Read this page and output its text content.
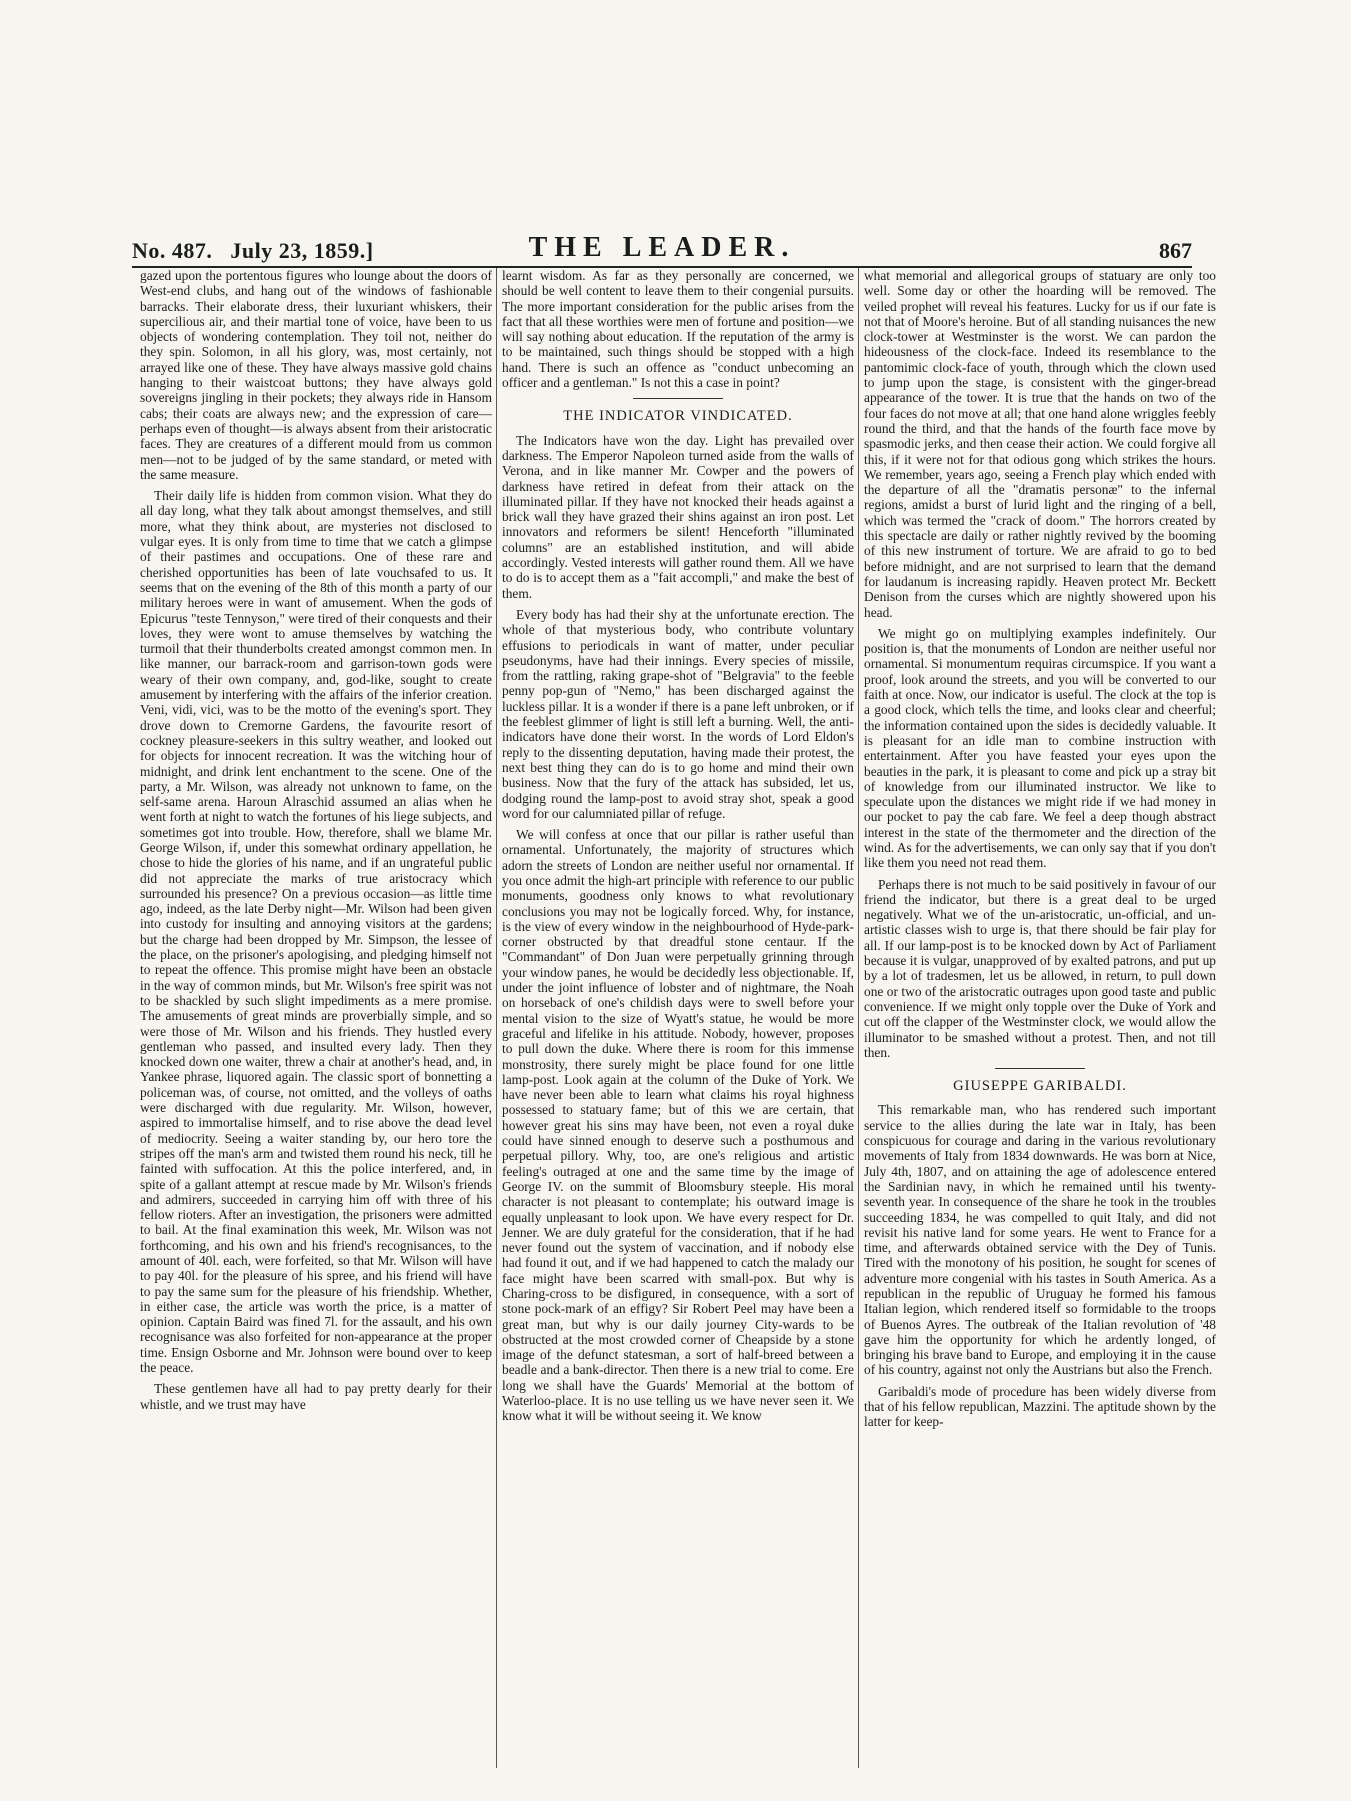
No. 487. July 23, 1859.]	THE LEADER.	867

gazed upon the portentous figures who lounge about the doors of West-end clubs, and hang out of the windows of fashionable barracks. Their elaborate dress, their luxuriant whiskers, their supercilious air, and their martial tone of voice, have been to us objects of wondering contemplation. They toil not, neither do they spin. Solomon, in all his glory, was, most certainly, not arrayed like one of these. They have always massive gold chains hanging to their waistcoat buttons; they have always gold sovereigns jingling in their pockets; they always ride in Hansom cabs; their coats are always new; and the expression of care—perhaps even of thought—is always absent from their aristocratic faces. They are creatures of a different mould from us common men—not to be judged of by the same standard, or meted with the same measure.

Their daily life is hidden from common vision. What they do all day long, what they talk about amongst themselves, and still more, what they think about, are mysteries not disclosed to vulgar eyes. It is only from time to time that we catch a glimpse of their pastimes and occupations. One of these rare and cherished opportunities has been of late vouchsafed to us. It seems that on the evening of the 8th of this month a party of our military heroes were in want of amusement. When the gods of Epicurus "teste Tennyson," were tired of their conquests and their loves, they were wont to amuse themselves by watching the turmoil that their thunderbolts created amongst common men. In like manner, our barrack-room and garrison-town gods were weary of their own company, and, god-like, sought to create amusement by interfering with the affairs of the inferior creation. Veni, vidi, vici, was to be the motto of the evening's sport. They drove down to Cremorne Gardens, the favourite resort of cockney pleasure-seekers in this sultry weather, and looked out for objects for innocent recreation. It was the witching hour of midnight, and drink lent enchantment to the scene. One of the party, a Mr. Wilson, was already not unknown to fame, on the self-same arena. Haroun Alraschid assumed an alias when he went forth at night to watch the fortunes of his liege subjects, and sometimes got into trouble. How, therefore, shall we blame Mr. George Wilson, if, under this somewhat ordinary appellation, he chose to hide the glories of his name, and if an ungrateful public did not appreciate the marks of true aristocracy which surrounded his presence? On a previous occasion—as little time ago, indeed, as the late Derby night—Mr. Wilson had been given into custody for insulting and annoying visitors at the gardens; but the charge had been dropped by Mr. Simpson, the lessee of the place, on the prisoner's apologising, and pledging himself not to repeat the offence. This promise might have been an obstacle in the way of common minds, but Mr. Wilson's free spirit was not to be shackled by such slight impediments as a mere promise. The amusements of great minds are proverbially simple, and so were those of Mr. Wilson and his friends. They hustled every gentleman who passed, and insulted every lady. Then they knocked down one waiter, threw a chair at another's head, and, in Yankee phrase, liquored again. The classic sport of bonnetting a policeman was, of course, not omitted, and the volleys of oaths were discharged with due regularity. Mr. Wilson, however, aspired to immortalise himself, and to rise above the dead level of mediocrity. Seeing a waiter standing by, our hero tore the stripes off the man's arm and twisted them round his neck, till he fainted with suffocation. At this the police interfered, and, in spite of a gallant attempt at rescue made by Mr. Wilson's friends and admirers, succeeded in carrying him off with three of his fellow rioters. After an investigation, the prisoners were admitted to bail. At the final examination this week, Mr. Wilson was not forthcoming, and his own and his friend's recognisances, to the amount of 40l. each, were forfeited, so that Mr. Wilson will have to pay 40l. for the pleasure of his spree, and his friend will have to pay the same sum for the pleasure of his friendship. Whether, in either case, the article was worth the price, is a matter of opinion. Captain Baird was fined 7l. for the assault, and his own recognisance was also forfeited for non-appearance at the proper time. Ensign Osborne and Mr. Johnson were bound over to keep the peace.

These gentlemen have all had to pay pretty dearly for their whistle, and we trust may have

learnt wisdom. As far as they personally are concerned, we should be well content to leave them to their congenial pursuits. The more important consideration for the public arises from the fact that all these worthies were men of fortune and position—we will say nothing about education. If the reputation of the army is to be maintained, such things should be stopped with a high hand. There is such an offence as "conduct unbecoming an officer and a gentleman." Is not this a case in point?

THE INDICATOR VINDICATED.

The Indicators have won the day. Light has prevailed over darkness. The Emperor Napoleon turned aside from the walls of Verona, and in like manner Mr. Cowper and the powers of darkness have retired in defeat from their attack on the illuminated pillar. If they have not knocked their heads against a brick wall they have grazed their shins against an iron post. Let innovators and reformers be silent! Henceforth "illuminated columns" are an established institution, and will abide accordingly. Vested interests will gather round them. All we have to do is to accept them as a "fait accompli," and make the best of them.

Every body has had their shy at the unfortunate erection. The whole of that mysterious body, who contribute voluntary effusions to periodicals in want of matter, under peculiar pseudonyms, have had their innings. Every species of missile, from the rattling, raking grape-shot of "Belgravia" to the feeble penny pop-gun of "Nemo," has been discharged against the luckless pillar. It is a wonder if there is a pane left unbroken, or if the feeblest glimmer of light is still left a burning. Well, the anti-indicators have done their worst. In the words of Lord Eldon's reply to the dissenting deputation, having made their protest, the next best thing they can do is to go home and mind their own business. Now that the fury of the attack has subsided, let us, dodging round the lamp-post to avoid stray shot, speak a good word for our calumniated pillar of refuge.

We will confess at once that our pillar is rather useful than ornamental. Unfortunately, the majority of structures which adorn the streets of London are neither useful nor ornamental. If you once admit the high-art principle with reference to our public monuments, goodness only knows to what revolutionary conclusions you may not be logically forced. Why, for instance, is the view of every window in the neighbourhood of Hyde-park-corner obstructed by that dreadful stone centaur. If the "Commandant" of Don Juan were perpetually grinning through your window panes, he would be decidedly less objectionable. If, under the joint influence of lobster and of nightmare, the Noah on horseback of one's childish days were to swell before your mental vision to the size of Wyatt's statue, he would be more graceful and lifelike in his attitude. Nobody, however, proposes to pull down the duke. Where there is room for this immense monstrosity, there surely might be place found for one little lamp-post. Look again at the column of the Duke of York. We have never been able to learn what claims his royal highness possessed to statuary fame; but of this we are certain, that however great his sins may have been, not even a royal duke could have sinned enough to deserve such a posthumous and perpetual pillory. Why, too, are one's religious and artistic feeling's outraged at one and the same time by the image of George IV. on the summit of Bloomsbury steeple. His moral character is not pleasant to contemplate; his outward image is equally unpleasant to look upon. We have every respect for Dr. Jenner. We are duly grateful for the consideration, that if he had never found out the system of vaccination, and if nobody else had found it out, and if we had happened to catch the malady our face might have been scarred with small-pox. But why is Charing-cross to be disfigured, in consequence, with a sort of stone pock-mark of an effigy? Sir Robert Peel may have been a great man, but why is our daily journey City-wards to be obstructed at the most crowded corner of Cheapside by a stone image of the defunct statesman, a sort of half-breed between a beadle and a bank-director. Then there is a new trial to come. Ere long we shall have the Guards' Memorial at the bottom of Waterloo-place. It is no use telling us we have never seen it. We know what it will be without seeing it. We know

what memorial and allegorical groups of statuary are only too well. Some day or other the hoarding will be removed. The veiled prophet will reveal his features. Lucky for us if our fate is not that of Moore's heroine. But of all standing nuisances the new clock-tower at Westminster is the worst. We can pardon the hideousness of the clock-face. Indeed its resemblance to the pantomimic clock-face of youth, through which the clown used to jump upon the stage, is consistent with the ginger-bread appearance of the tower. It is true that the hands on two of the four faces do not move at all; that one hand alone wriggles feebly round the third, and that the hands of the fourth face move by spasmodic jerks, and then cease their action. We could forgive all this, if it were not for that odious gong which strikes the hours. We remember, years ago, seeing a French play which ended with the departure of all the "dramatis personæ" to the infernal regions, amidst a burst of lurid light and the ringing of a bell, which was termed the "crack of doom." The horrors created by this spectacle are daily or rather nightly revived by the booming of this new instrument of torture. We are afraid to go to bed before midnight, and are not surprised to learn that the demand for laudanum is increasing rapidly. Heaven protect Mr. Beckett Denison from the curses which are nightly showered upon his head.

We might go on multiplying examples indefinitely. Our position is, that the monuments of London are neither useful nor ornamental. Si monumentum requiras circumspice. If you want a proof, look around the streets, and you will be converted to our faith at once. Now, our indicator is useful. The clock at the top is a good clock, which tells the time, and looks clear and cheerful; the information contained upon the sides is decidedly valuable. It is pleasant for an idle man to combine instruction with entertainment. After you have feasted your eyes upon the beauties in the park, it is pleasant to come and pick up a stray bit of knowledge from our illuminated instructor. We like to speculate upon the distances we might ride if we had money in our pocket to pay the cab fare. We feel a deep though abstract interest in the state of the thermometer and the direction of the wind. As for the advertisements, we can only say that if you don't like them you need not read them.

Perhaps there is not much to be said positively in favour of our friend the indicator, but there is a great deal to be urged negatively. What we of the un-aristocratic, un-official, and un-artistic classes wish to urge is, that there should be fair play for all. If our lamp-post is to be knocked down by Act of Parliament because it is vulgar, unapproved of by exalted patrons, and put up by a lot of tradesmen, let us be allowed, in return, to pull down one or two of the aristocratic outrages upon good taste and public convenience. If we might only topple over the Duke of York and cut off the clapper of the Westminster clock, we would allow the illuminator to be smashed without a protest. Then, and not till then.

GIUSEPPE GARIBALDI.

This remarkable man, who has rendered such important service to the allies during the late war in Italy, has been conspicuous for courage and daring in the various revolutionary movements of Italy from 1834 downwards. He was born at Nice, July 4th, 1807, and on attaining the age of adolescence entered the Sardinian navy, in which he remained until his twenty-seventh year. In consequence of the share he took in the troubles succeeding 1834, he was compelled to quit Italy, and did not revisit his native land for some years. He went to France for a time, and afterwards obtained service with the Dey of Tunis. Tired with the monotony of his position, he sought for scenes of adventure more congenial with his tastes in South America. As a republican in the republic of Uruguay he formed his famous Italian legion, which rendered itself so formidable to the troops of Buenos Ayres. The outbreak of the Italian revolution of '48 gave him the opportunity for which he ardently longed, of bringing his brave band to Europe, and employing it in the cause of his country, against not only the Austrians but also the French.

Garibaldi's mode of procedure has been widely diverse from that of his fellow republican, Mazzini. The aptitude shown by the latter for keep-
